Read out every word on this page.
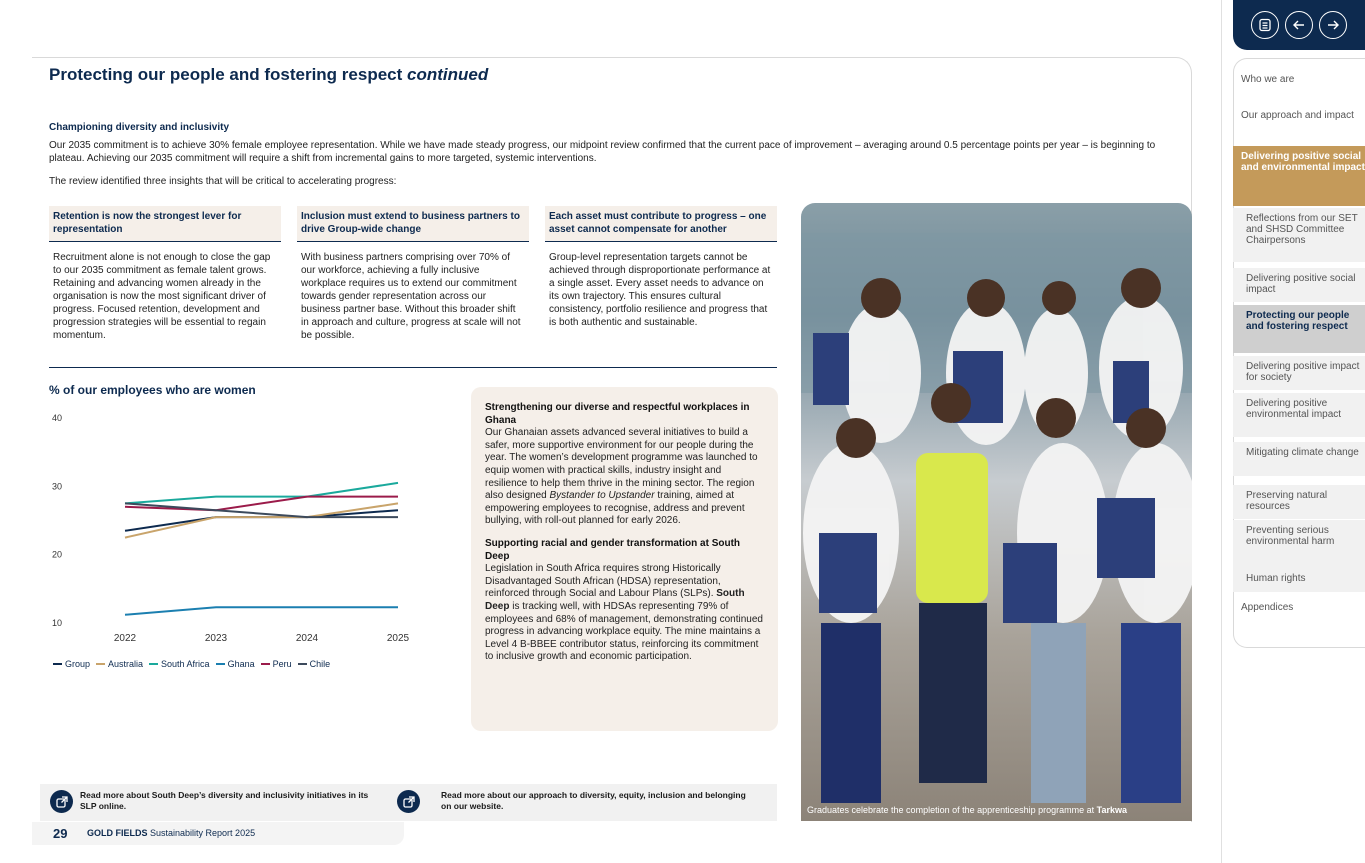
Protecting our people and fostering respect continued
Championing diversity and inclusivity

Our 2035 commitment is to achieve 30% female employee representation. While we have made steady progress, our midpoint review confirmed that the current pace of improvement – averaging around 0.5 percentage points per year – is beginning to plateau. Achieving our 2035 commitment will require a shift from incremental gains to more targeted, systemic interventions.

The review identified three insights that will be critical to accelerating progress:

Retention is now the strongest lever for representation
Recruitment alone is not enough to close the gap to our 2035 commitment as female talent grows. Retaining and advancing women already in the organisation is now the most significant driver of progress. Focused retention, development and progression strategies will be essential to regain momentum.
Inclusion must extend to business partners to drive Group-wide change
With business partners comprising over 70% of our workforce, achieving a fully inclusive workplace requires us to extend our commitment towards gender representation across our business partner base. Without this broader shift in approach and culture, progress at scale will not be possible.
Each asset must contribute to progress – one asset cannot compensate for another
Group-level representation targets cannot be achieved through disproportionate performance at a single asset. Every asset needs to advance on its own trajectory. This ensures cultural consistency, portfolio resilience and progress that is both authentic and sustainable.
% of our employees who are women
10
20
30
40
2022	2023	2024	2025
Group Australia South Africa Ghana Peru Chile
Strengthening our diverse and respectful workplaces in Ghana
Our Ghanaian assets advanced several initiatives to build a safer, more supportive environment for our people during the year. The women’s development programme was launched to equip women with practical skills, industry insight and resilience to help them thrive in the mining sector. The region also designed Bystander to Upstander training, aimed at empowering employees to recognise, address and prevent bullying, with roll-out planned for early 2026.
Supporting racial and gender transformation at South Deep
Legislation in South Africa requires strong Historically Disadvantaged South African (HDSA) representation, reinforced through Social and Labour Plans (SLPs). South Deep is tracking well, with HDSAs representing 79% of employees and 68% of management, demonstrating continued progress in advancing workplace equity. The mine maintains a Level 4 B-BBEE contributor status, reinforcing its commitment to inclusive growth and economic participation.
Graduates celebrate the completion of the apprenticeship programme at Tarkwa
Read more about South Deep’s diversity and inclusivity initiatives in its SLP online.
Read more about our approach to diversity, equity, inclusion and belonging on our website.
29 GOLD FIELDS Sustainability Report 2025
Who we are
Our approach and impact
Delivering positive social and environmental impact
Reflections from our SET and SHSD Committee Chairpersons
Delivering positive social impact
Protecting our people and fostering respect
Delivering positive impact for society
Delivering positive environmental impact
Mitigating climate change
Preserving natural resources
Preventing serious environmental harm
Human rights
Appendices
